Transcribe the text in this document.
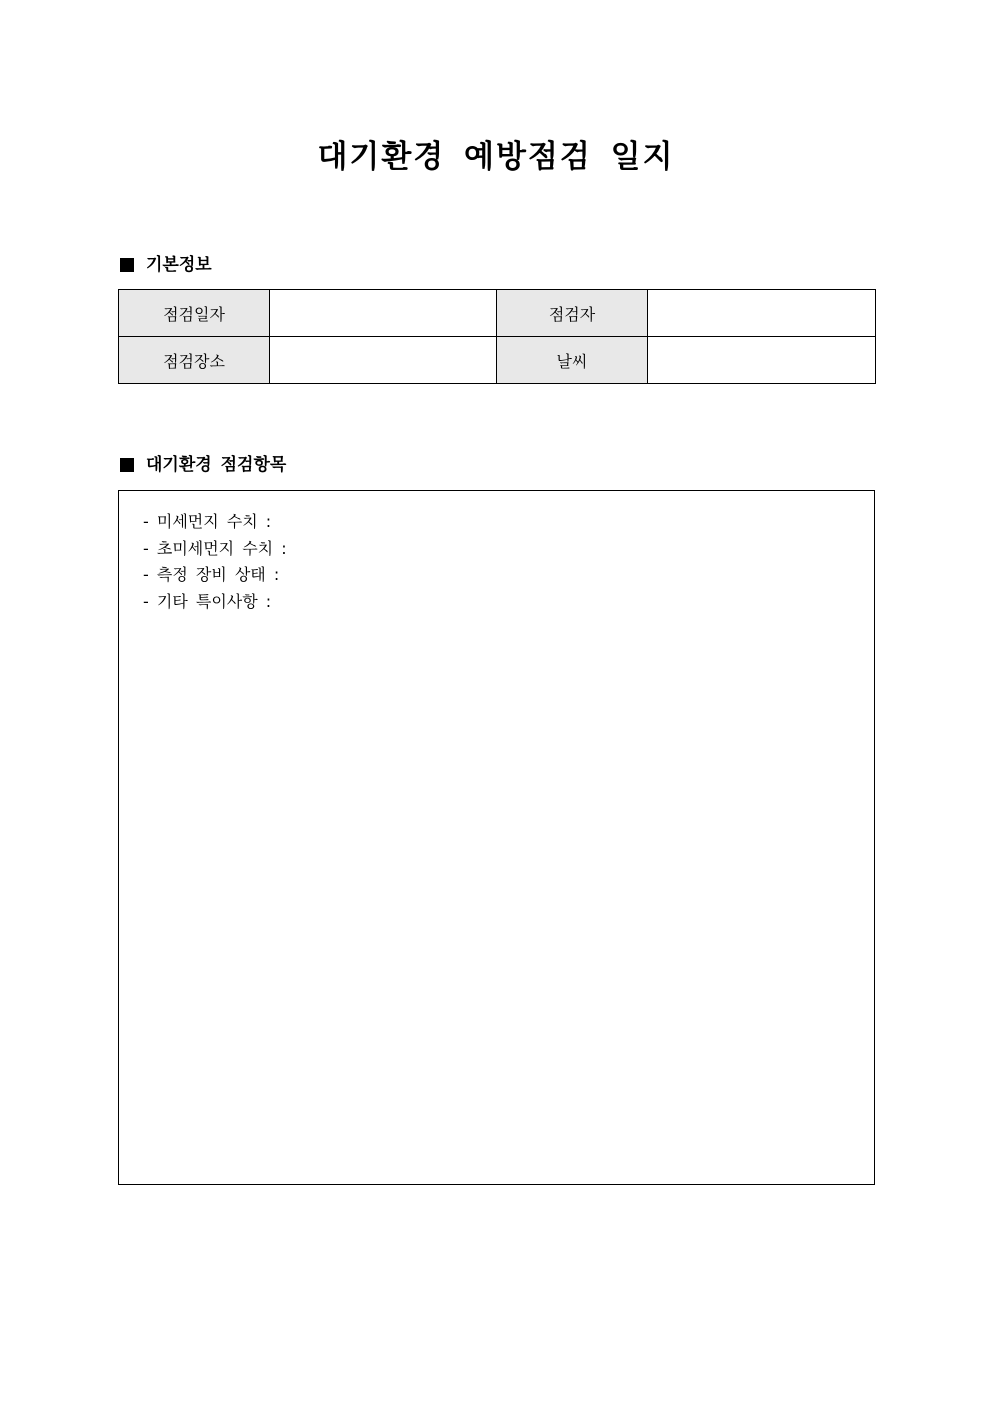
대기환경 예방점검 일지
기본정보
점검일자		점검자	
점검장소		날씨	
대기환경 점검항목
- 미세먼지 수치 :
- 초미세먼지 수치 :
- 측정 장비 상태 :
- 기타 특이사항 :
